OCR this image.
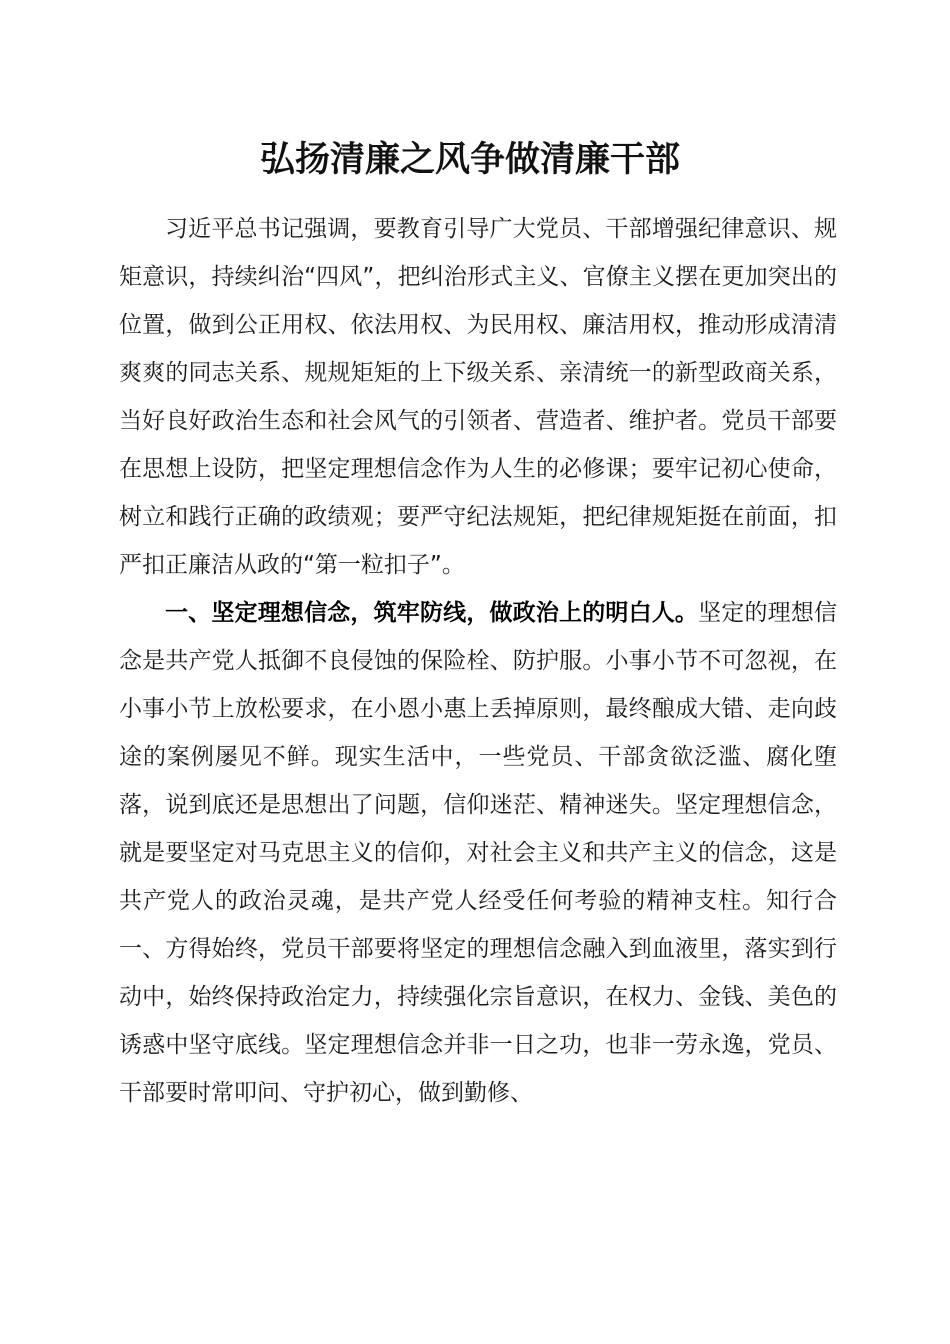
弘扬清廉之风争做清廉干部

习近平总书记强调，要教育引导广大党员、干部增强纪律意识、规矩意识，持续纠治“四风”，把纠治形式主义、官僚主义摆在更加突出的位置，做到公正用权、依法用权、为民用权、廉洁用权，推动形成清清爽爽的同志关系、规规矩矩的上下级关系、亲清统一的新型政商关系，当好良好政治生态和社会风气的引领者、营造者、维护者。党员干部要在思想上设防，把坚定理想信念作为人生的必修课；要牢记初心使命，树立和践行正确的政绩观；要严守纪法规矩，把纪律规矩挺在前面，扣严扣正廉洁从政的“第一粒扣子”。

一、坚定理想信念，筑牢防线，做政治上的明白人。坚定的理想信念是共产党人抵御不良侵蚀的保险栓、防护服。小事小节不可忽视，在小事小节上放松要求，在小恩小惠上丢掉原则，最终酿成大错、走向歧途的案例屡见不鲜。现实生活中，一些党员、干部贪欲泛滥、腐化堕落，说到底还是思想出了问题，信仰迷茫、精神迷失。坚定理想信念，就是要坚定对马克思主义的信仰，对社会主义和共产主义的信念，这是共产党人的政治灵魂，是共产党人经受任何考验的精神支柱。知行合一、方得始终，党员干部要将坚定的理想信念融入到血液里，落实到行动中，始终保持政治定力，持续强化宗旨意识，在权力、金钱、美色的诱惑中坚守底线。坚定理想信念并非一日之功，也非一劳永逸，党员、干部要时常叩问、守护初心，做到勤修、
